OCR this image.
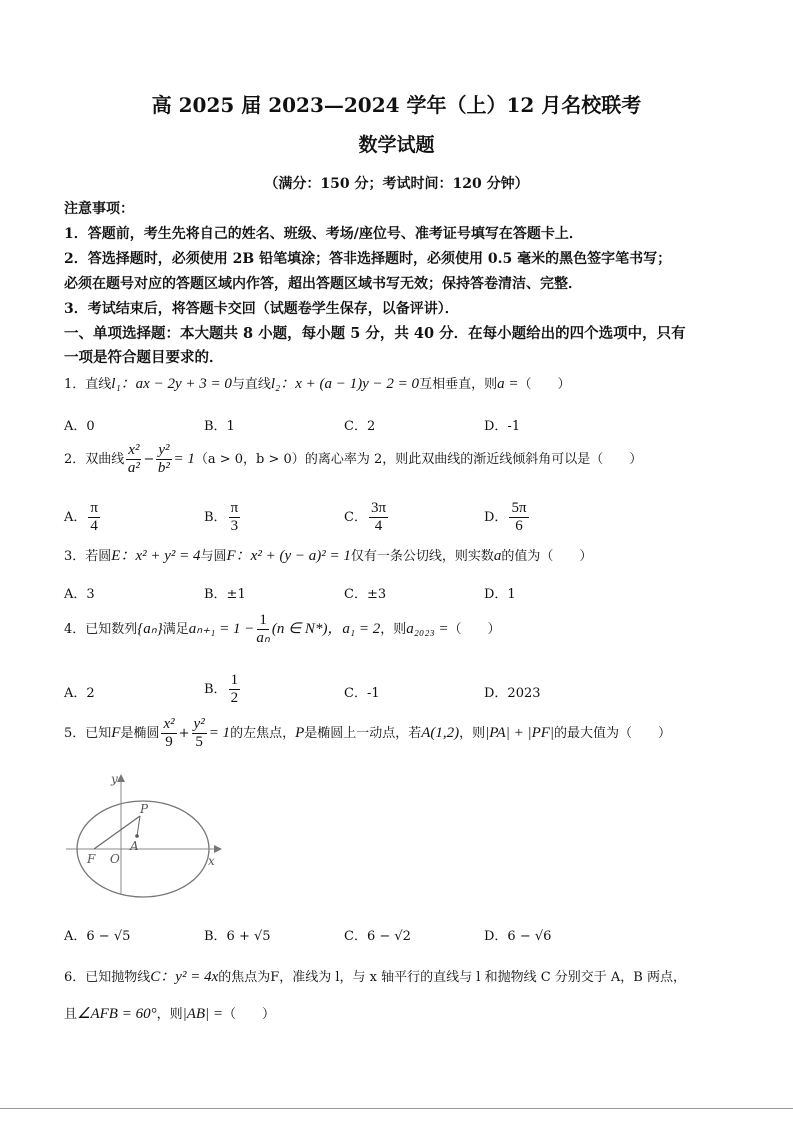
高 2025 届 2023—2024 学年（上）12 月名校联考
数学试题
（满分：150 分；考试时间：120 分钟）
注意事项：
1．答题前，考生先将自己的姓名、班级、考场/座位号、准考证号填写在答题卡上．
2．答选择题时，必须使用 2B 铅笔填涂；答非选择题时，必须使用 0.5 毫米的黑色签字笔书写；
必须在题号对应的答题区域内作答，超出答题区域书写无效；保持答卷清洁、完整．
3．考试结束后，将答题卡交回（试题卷学生保存，以备评讲）．
一、单项选择题：本大题共 8 小题，每小题 5 分，共 40 分．在每小题给出的四个选项中，只有
一项是符合题目要求的．
1．直线l₁：ax − 2y + 3 = 0与直线l₂：x + (a − 1)y − 2 = 0互相垂直，则a =（　　）
A．0	B．1	C．2	D．-1
2．双曲线 $\frac{\text{x²}}{\text{a²}} - \frac{\text{y²}}{\text{b²}} = 1(a > 0$，b > 0）的离心率为 2，则此双曲线的渐近线倾斜角可以是（　　）
A． $\frac{\pi}{4}$	B． $\frac{\pi}{3}$	C． $\frac{3\pi}{4}$	D． $\frac{5\pi}{6}$
3．若圆E：x² + y² = 4与圆F：x² + (y − a)² = 1仅有一条公切线，则实数a的值为（　　）
A．3	B．±1	C．±3	D．1
4．已知数列{aₙ}满足$a_{n+1} = 1 - \frac{1}{\text{aₙ}} (n$ ∈ N*)，a₁ = 2，则a₂₀₂₃ =（　　）
A．2	B． $\frac{1}{2}$	C．-1	D．2023
5．已知F是椭圆 $\frac{\text{x²}}{9} + \frac{\text{y²}}{5} = 1$的左焦点，P是椭圆上一动点，若A(1,2)，则|PA| + |PF|的最大值为（　　）
y
x
F O
A
P
A．6 − √5	B．6 + √5	C．6 − √2	D．6 − √6
6．已知抛物线C：y² = 4x的焦点为F，准线为 l，与 x 轴平行的直线与 l 和抛物线 C 分别交于 A，B 两点，
且∠AFB = 60°，则|AB| =（　　）
